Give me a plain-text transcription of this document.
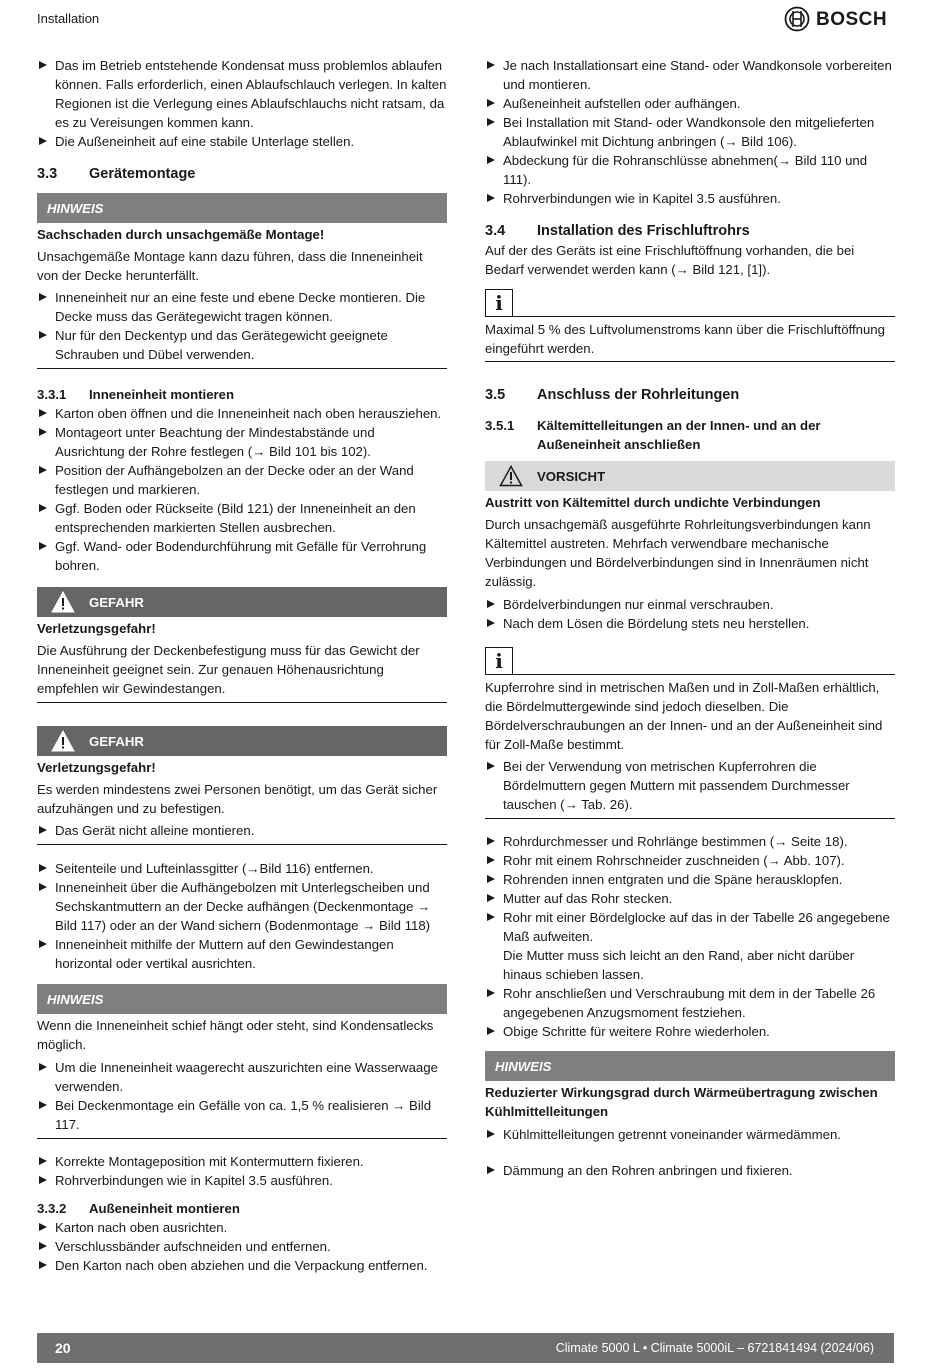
Installation	BOSCH
Das im Betrieb entstehende Kondensat muss problemlos ablaufen können. Falls erforderlich, einen Ablaufschlauch verlegen. In kalten Regionen ist die Verlegung eines Ablaufschlauchs nicht ratsam, da es zu Vereisungen kommen kann.
Die Außeneinheit auf eine stabile Unterlage stellen.
3.3	Gerätemontage
HINWEIS

Sachschaden durch unsachgemäße Montage!

Unsachgemäße Montage kann dazu führen, dass die Inneneinheit von der Decke herunterfällt.

Inneneinheit nur an eine feste und ebene Decke montieren. Die Decke muss das Gerätegewicht tragen können.
Nur für den Deckentyp und das Gerätegewicht geeignete Schrauben und Dübel verwenden.
3.3.1	Inneneinheit montieren
Karton oben öffnen und die Inneneinheit nach oben herausziehen.
Montageort unter Beachtung der Mindestabstände und Ausrichtung der Rohre festlegen (→ Bild 101 bis 102).
Position der Aufhängebolzen an der Decke oder an der Wand festlegen und markieren.
Ggf. Boden oder Rückseite (Bild 121) der Inneneinheit an den entsprechenden markierten Stellen ausbrechen.
Ggf. Wand- oder Bodendurchführung mit Gefälle für Verrohrung bohren.
GEFAHR

Verletzungsgefahr!

Die Ausführung der Deckenbefestigung muss für das Gewicht der Inneneinheit geeignet sein. Zur genauen Höhenausrichtung empfehlen wir Gewindestangen.

GEFAHR

Verletzungsgefahr!

Es werden mindestens zwei Personen benötigt, um das Gerät sicher aufzuhängen und zu befestigen.

Das Gerät nicht alleine montieren.
Seitenteile und Lufteinlassgitter (→Bild 116) entfernen.
Inneneinheit über die Aufhängebolzen mit Unterlegscheiben und Sechskantmuttern an der Decke aufhängen (Deckenmontage → Bild 117) oder an der Wand sichern (Bodenmontage → Bild 118)
Inneneinheit mithilfe der Muttern auf den Gewindestangen horizontal oder vertikal ausrichten.
HINWEIS

Wenn die Inneneinheit schief hängt oder steht, sind Kondensatlecks möglich.

Um die Inneneinheit waagerecht auszurichten eine Wasserwaage verwenden.
Bei Deckenmontage ein Gefälle von ca. 1,5 % realisieren → Bild 117.
Korrekte Montageposition mit Kontermuttern fixieren.
Rohrverbindungen wie in Kapitel 3.5 ausführen.
3.3.2	Außeneinheit montieren
Karton nach oben ausrichten.
Verschlussbänder aufschneiden und entfernen.
Den Karton nach oben abziehen und die Verpackung entfernen.
Je nach Installationsart eine Stand- oder Wandkonsole vorbereiten und montieren.
Außeneinheit aufstellen oder aufhängen.
Bei Installation mit Stand- oder Wandkonsole den mitgelieferten Ablaufwinkel mit Dichtung anbringen (→ Bild 106).
Abdeckung für die Rohranschlüsse abnehmen(→ Bild 110 und 111).
Rohrverbindungen wie in Kapitel 3.5 ausführen.
3.4	Installation des Frischluftrohrs

Auf der des Geräts ist eine Frischluftöffnung vorhanden, die bei Bedarf verwendet werden kann (→ Bild 121, [1]).

i

Maximal 5 % des Luftvolumenstroms kann über die Frischluftöffnung eingeführt werden.

3.5	Anschluss der Rohrleitungen
3.5.1	Kältemittelleitungen an der Innen- und an der Außeneinheit anschließen
VORSICHT

Austritt von Kältemittel durch undichte Verbindungen

Durch unsachgemäß ausgeführte Rohrleitungsverbindungen kann Kältemittel austreten. Mehrfach verwendbare mechanische Verbindungen und Bördelverbindungen sind in Innenräumen nicht zulässig.

Bördelverbindungen nur einmal verschrauben.
Nach dem Lösen die Bördelung stets neu herstellen.
i

Kupferrohre sind in metrischen Maßen und in Zoll-Maßen erhältlich, die Bördelmuttergewinde sind jedoch dieselben. Die Bördelverschraubungen an der Innen- und an der Außeneinheit sind für Zoll-Maße bestimmt.

Bei der Verwendung von metrischen Kupferrohren die Bördelmuttern gegen Muttern mit passendem Durchmesser tauschen (→ Tab. 26).
Rohrdurchmesser und Rohrlänge bestimmen (→ Seite 18).
Rohr mit einem Rohrschneider zuschneiden (→ Abb. 107).
Rohrenden innen entgraten und die Späne herausklopfen.
Mutter auf das Rohr stecken.
Rohr mit einer Bördelglocke auf das in der Tabelle 26 angegebene Maß aufweiten.
Die Mutter muss sich leicht an den Rand, aber nicht darüber hinaus schieben lassen.
Rohr anschließen und Verschraubung mit dem in der Tabelle 26 angegebenen Anzugsmoment festziehen.
Obige Schritte für weitere Rohre wiederholen.
HINWEIS

Reduzierter Wirkungsgrad durch Wärmeübertragung zwischen Kühlmittelleitungen

Kühlmittelleitungen getrennt voneinander wärmedämmen.
Dämmung an den Rohren anbringen und fixieren.
20	Climate 5000 L • Climate 5000iL – 6721841494 (2024/06)
